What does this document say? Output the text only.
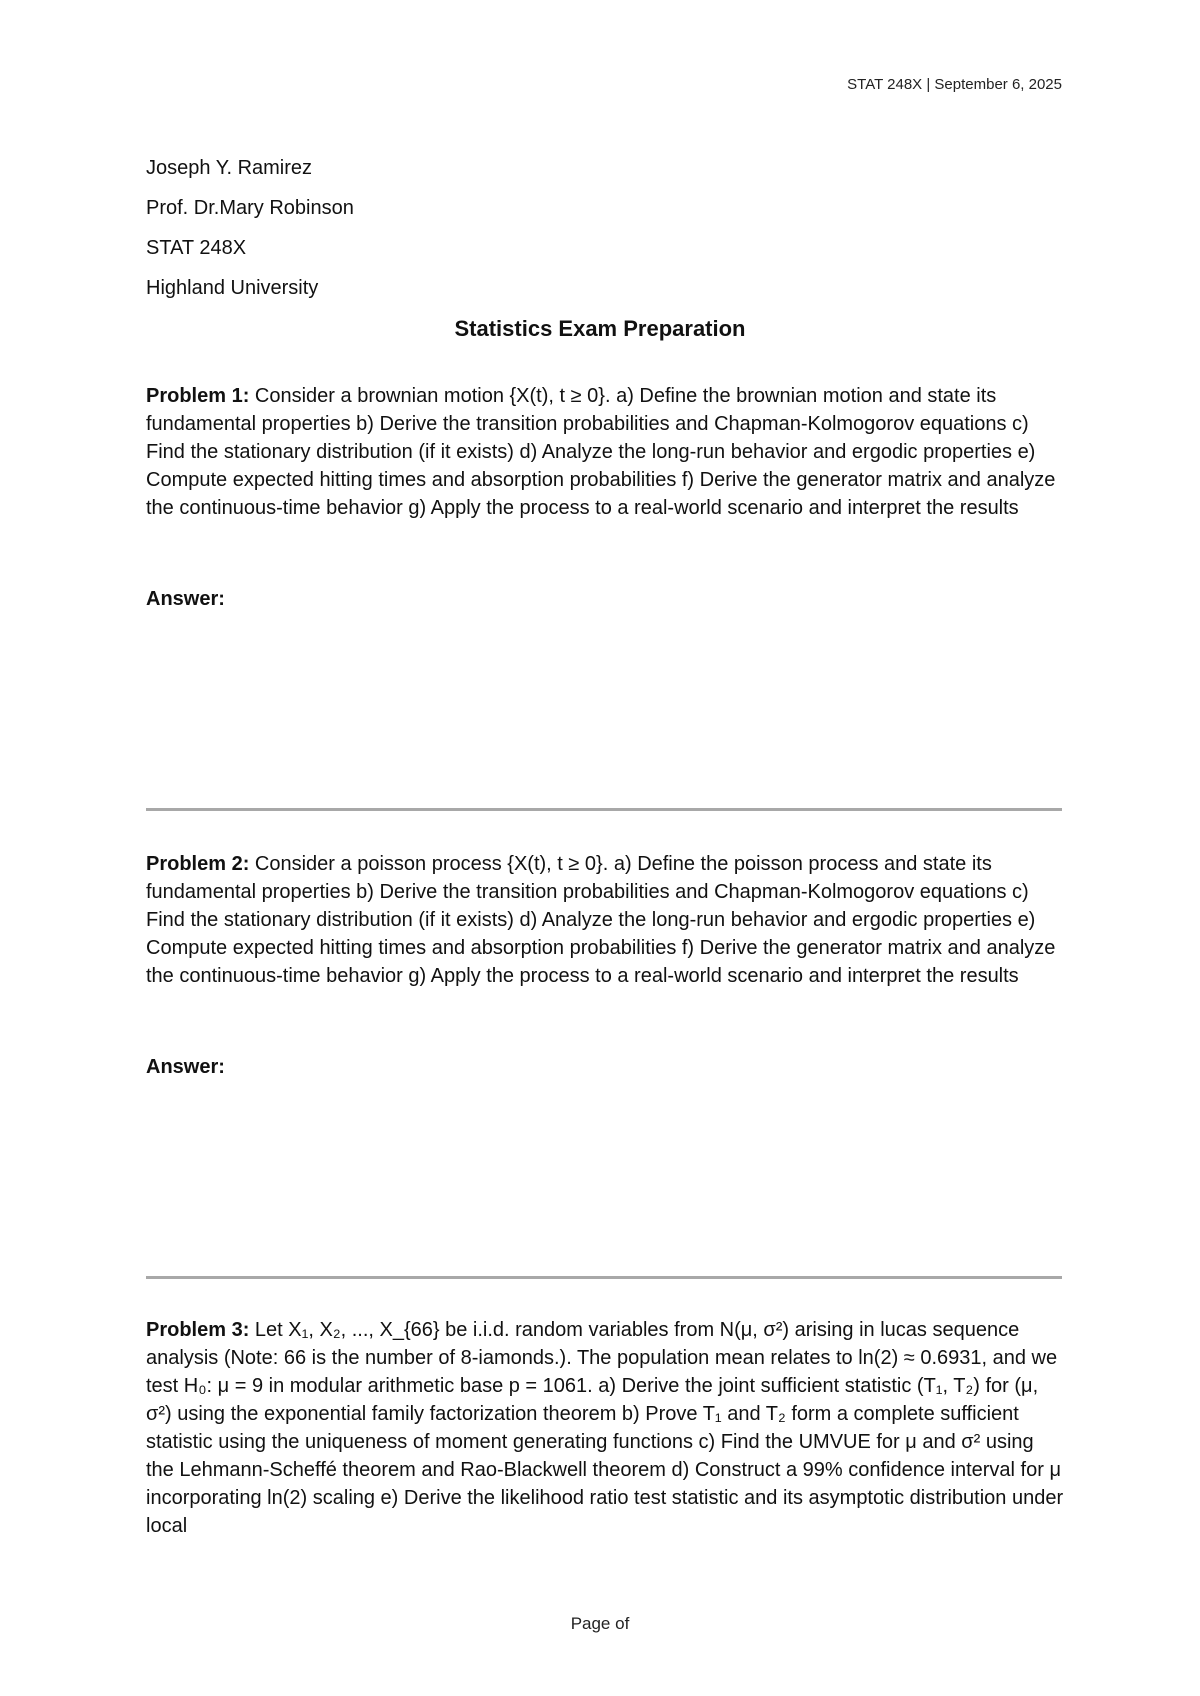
STAT 248X | September 6, 2025
Joseph Y. Ramirez
Prof. Dr.Mary Robinson
STAT 248X
Highland University
Statistics Exam Preparation
Problem 1: Consider a brownian motion {X(t), t ≥ 0}. a) Define the brownian motion and state its fundamental properties b) Derive the transition probabilities and Chapman-Kolmogorov equations c) Find the stationary distribution (if it exists) d) Analyze the long-run behavior and ergodic properties e) Compute expected hitting times and absorption probabilities f) Derive the generator matrix and analyze the continuous-time behavior g) Apply the process to a real-world scenario and interpret the results
Answer:
Problem 2: Consider a poisson process {X(t), t ≥ 0}. a) Define the poisson process and state its fundamental properties b) Derive the transition probabilities and Chapman-Kolmogorov equations c) Find the stationary distribution (if it exists) d) Analyze the long-run behavior and ergodic properties e) Compute expected hitting times and absorption probabilities f) Derive the generator matrix and analyze the continuous-time behavior g) Apply the process to a real-world scenario and interpret the results
Answer:
Problem 3: Let X₁, X₂, ..., X_{66} be i.i.d. random variables from N(μ, σ²) arising in lucas sequence analysis (Note: 66 is the number of 8-iamonds.). The population mean relates to ln(2) ≈ 0.6931, and we test H₀: μ = 9 in modular arithmetic base p = 1061. a) Derive the joint sufficient statistic (T₁, T₂) for (μ, σ²) using the exponential family factorization theorem b) Prove T₁ and T₂ form a complete sufficient statistic using the uniqueness of moment generating functions c) Find the UMVUE for μ and σ² using the Lehmann-Scheffé theorem and Rao-Blackwell theorem d) Construct a 99% confidence interval for μ incorporating ln(2) scaling e) Derive the likelihood ratio test statistic and its asymptotic distribution under local
Page of
